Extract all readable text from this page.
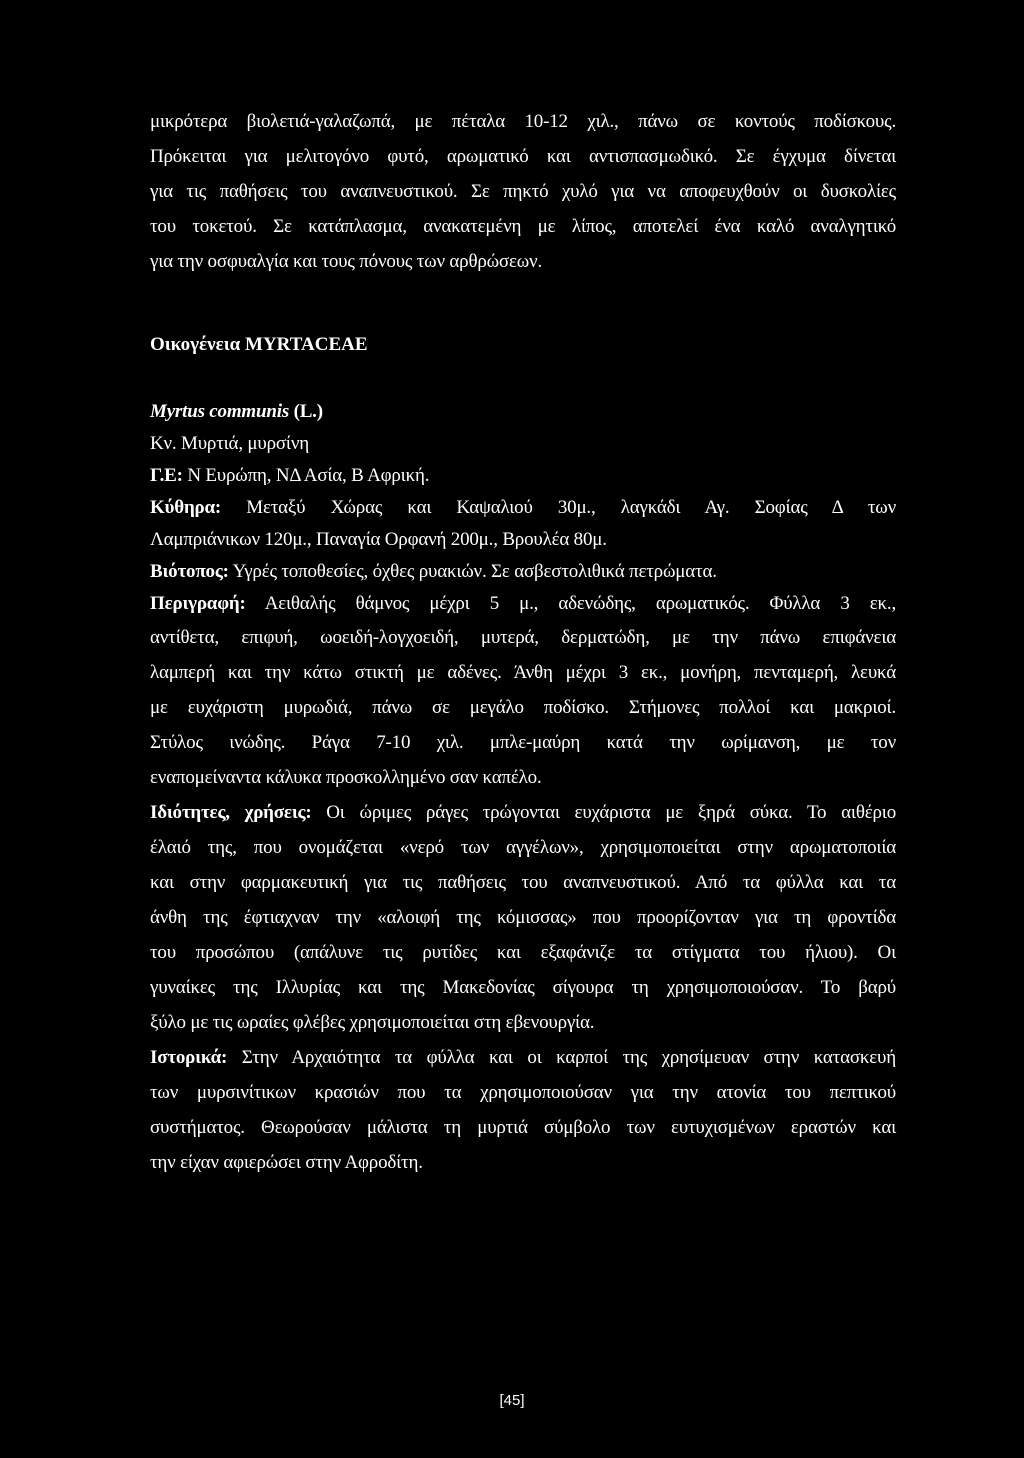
μικρότερα βιολετιά-γαλαζωπά, με πέταλα 10-12 χιλ., πάνω σε κοντούς ποδίσκους.
Πρόκειται για μελιτογόνο φυτό, αρωματικό και αντισπασμωδικό. Σε έγχυμα δίνεται
για τις παθήσεις του αναπνευστικού. Σε πηκτό χυλό για να αποφευχθούν οι δυσκολίες
του τοκετού. Σε κατάπλασμα, ανακατεμένη με λίπος, αποτελεί ένα καλό αναλγητικό
για την οσφυαλγία και τους πόνους των αρθρώσεων.
Οικογένεια MYRTACEAE
Myrtus communis (L.)
Κν. Μυρτιά, μυρσίνη
Γ.Ε: Ν Ευρώπη, ΝΔ Ασία, Β Αφρική.
Κύθηρα: Μεταξύ Χώρας και Καψαλιού 30μ., λαγκάδι Αγ. Σοφίας Δ των
Λαμπριάνικων 120μ., Παναγία Ορφανή 200μ., Βρουλέα 80μ.
Βιότοπος: Υγρές τοποθεσίες, όχθες ρυακιών. Σε ασβεστολιθικά πετρώματα.
Περιγραφή: Αειθαλής θάμνος μέχρι 5 μ., αδενώδης, αρωματικός. Φύλλα 3 εκ.,
αντίθετα, επιφυή, ωοειδή-λογχοειδή, μυτερά, δερματώδη, με την πάνω επιφάνεια
λαμπερή και την κάτω στικτή με αδένες. Άνθη μέχρι 3 εκ., μονήρη, πενταμερή, λευκά
με ευχάριστη μυρωδιά, πάνω σε μεγάλο ποδίσκο. Στήμονες πολλοί και μακριοί.
Στύλος ινώδης. Ράγα 7-10 χιλ. μπλε-μαύρη κατά την ωρίμανση, με τον
εναπομείναντα κάλυκα προσκολλημένο σαν καπέλο.
Ιδιότητες, χρήσεις: Οι ώριμες ράγες τρώγονται ευχάριστα με ξηρά σύκα. Το αιθέριο
έλαιό της, που ονομάζεται «νερό των αγγέλων», χρησιμοποιείται στην αρωματοποιία
και στην φαρμακευτική για τις παθήσεις του αναπνευστικού. Από τα φύλλα και τα
άνθη της έφτιαχναν την «αλοιφή της κόμισσας» που προορίζονταν για τη φροντίδα
του προσώπου (απάλυνε τις ρυτίδες και εξαφάνιζε τα στίγματα του ήλιου). Οι
γυναίκες της Ιλλυρίας και της Μακεδονίας σίγουρα τη χρησιμοποιούσαν. Το βαρύ
ξύλο με τις ωραίες φλέβες χρησιμοποιείται στη εβενουργία.
Ιστορικά: Στην Αρχαιότητα τα φύλλα και οι καρποί της χρησίμευαν στην κατασκευή
των μυρσινίτικων κρασιών που τα χρησιμοποιούσαν για την ατονία του πεπτικού
συστήματος. Θεωρούσαν μάλιστα τη μυρτιά σύμβολο των ευτυχισμένων εραστών και
την είχαν αφιερώσει στην Αφροδίτη.
[45]
